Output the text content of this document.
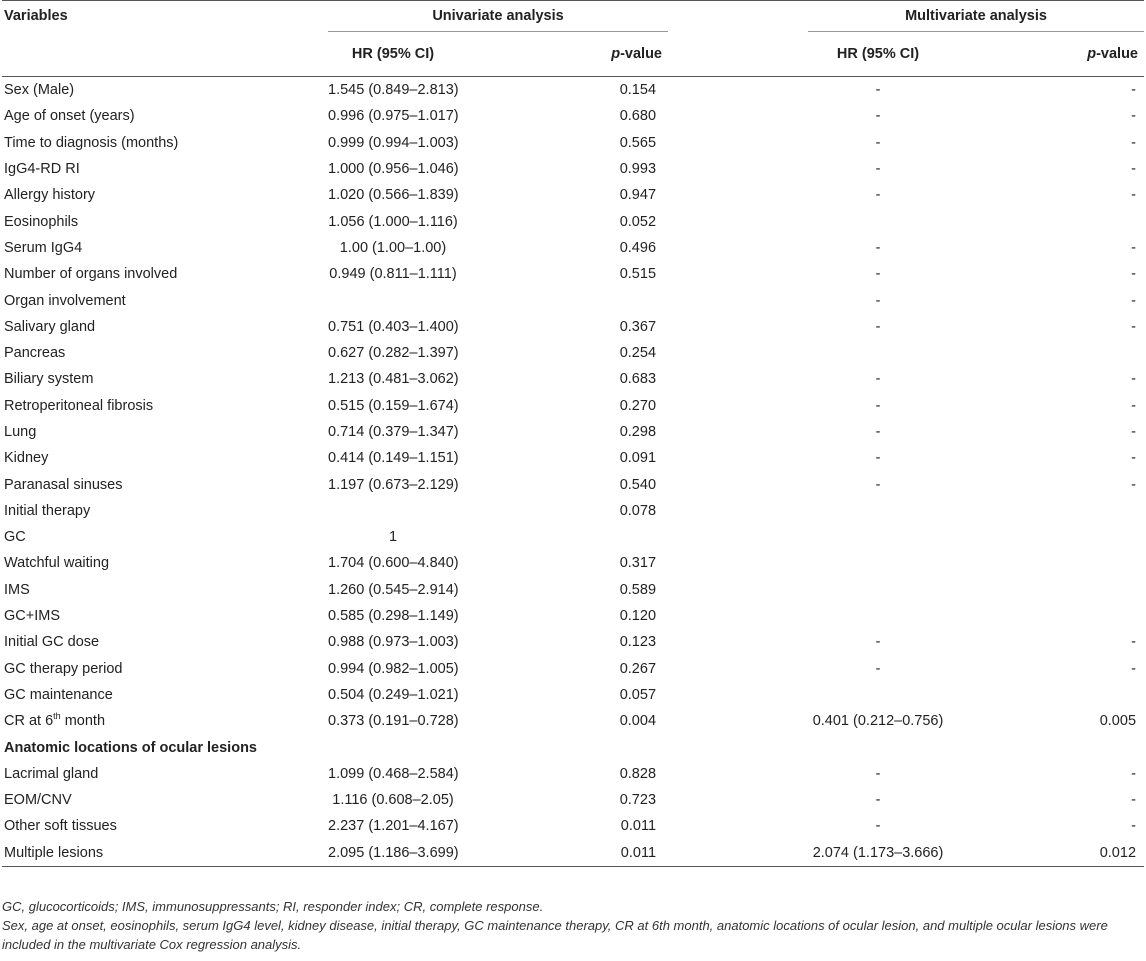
Variables	Univariate analysis			Multivariate analysis	
	HR (95% CI)	p-value		HR (95% CI)	p-value
Sex (Male)	1.545 (0.849–2.813)	0.154		-	-
Age of onset (years)	0.996 (0.975–1.017)	0.680		-	-
Time to diagnosis (months)	0.999 (0.994–1.003)	0.565		-	-
IgG4-RD RI	1.000 (0.956–1.046)	0.993		-	-
Allergy history	1.020 (0.566–1.839)	0.947		-	-
Eosinophils	1.056 (1.000–1.116)	0.052			
Serum IgG4	1.00 (1.00–1.00)	0.496		-	-
Number of organs involved	0.949 (0.811–1.111)	0.515		-	-
Organ involvement				-	-
Salivary gland	0.751 (0.403–1.400)	0.367		-	-
Pancreas	0.627 (0.282–1.397)	0.254			
Biliary system	1.213 (0.481–3.062)	0.683		-	-
Retroperitoneal fibrosis	0.515 (0.159–1.674)	0.270		-	-
Lung	0.714 (0.379–1.347)	0.298		-	-
Kidney	0.414 (0.149–1.151)	0.091		-	-
Paranasal sinuses	1.197 (0.673–2.129)	0.540		-	-
Initial therapy		0.078			
GC	1				
Watchful waiting	1.704 (0.600–4.840)	0.317			
IMS	1.260 (0.545–2.914)	0.589			
GC+IMS	0.585 (0.298–1.149)	0.120			
Initial GC dose	0.988 (0.973–1.003)	0.123		-	-
GC therapy period	0.994 (0.982–1.005)	0.267		-	-
GC maintenance	0.504 (0.249–1.021)	0.057			
CR at 6th month	0.373 (0.191–0.728)	0.004		0.401 (0.212–0.756)	0.005
Anatomic locations of ocular lesions					
Lacrimal gland	1.099 (0.468–2.584)	0.828		-	-
EOM/CNV	1.116 (0.608–2.05)	0.723		-	-
Other soft tissues	2.237 (1.201–4.167)	0.011		-	-
Multiple lesions	2.095 (1.186–3.699)	0.011		2.074 (1.173–3.666)	0.012

GC, glucocorticoids; IMS, immunosuppressants; RI, responder index; CR, complete response.

Sex, age at onset, eosinophils, serum IgG4 level, kidney disease, initial therapy, GC maintenance therapy, CR at 6th month, anatomic locations of ocular lesion, and multiple ocular lesions were included in the multivariate Cox regression analysis.
